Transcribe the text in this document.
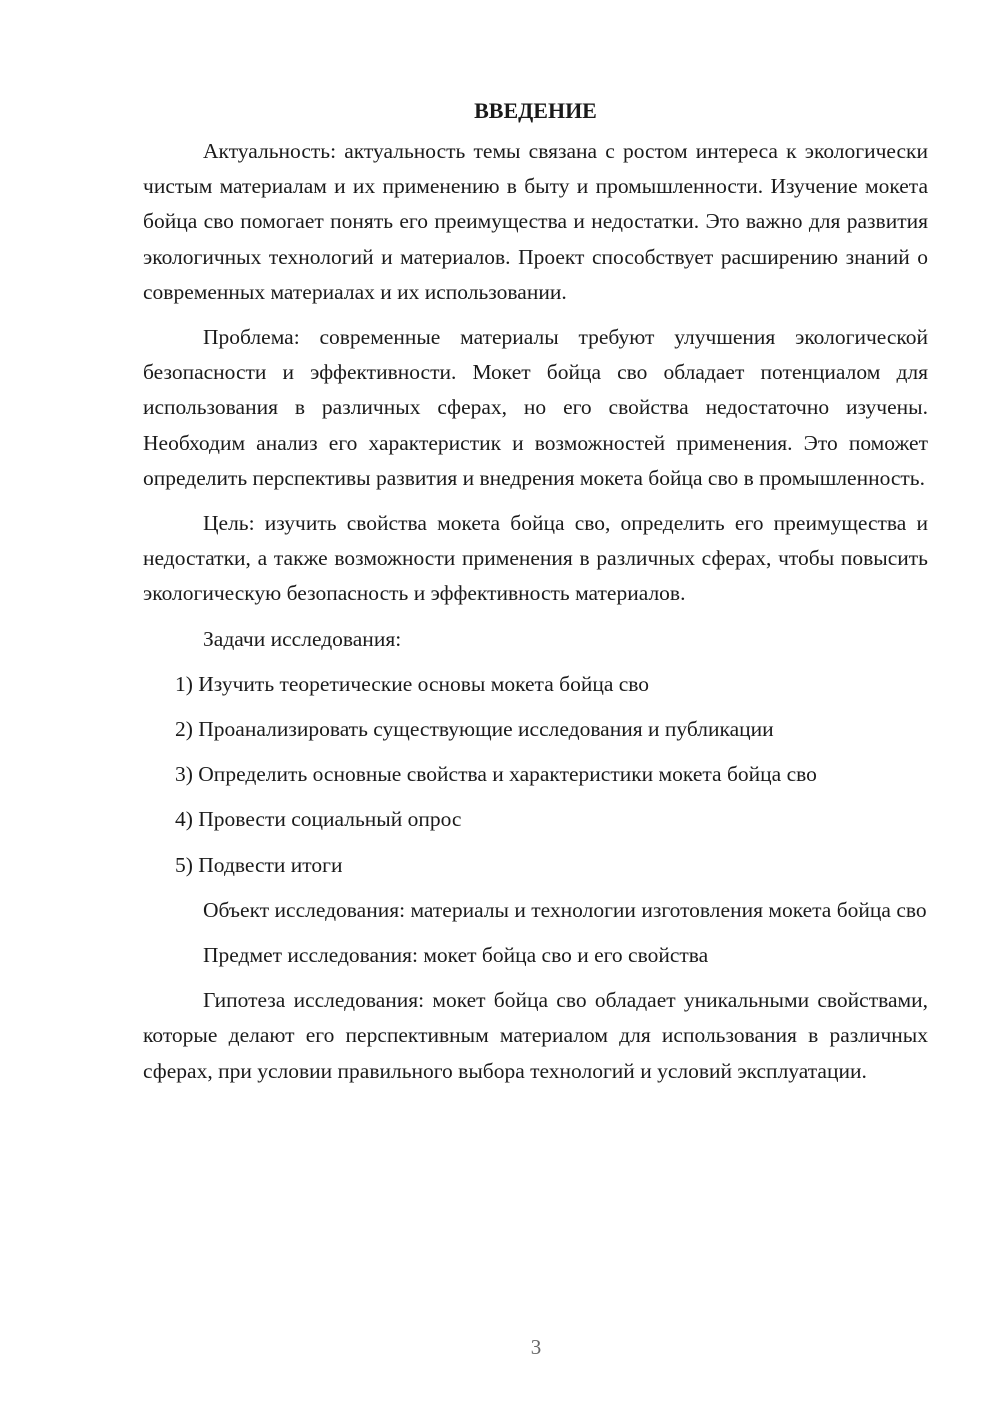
ВВЕДЕНИЕ

Актуальность: актуальность темы связана с ростом интереса к экологически чистым материалам и их применению в быту и промышленности. Изучение мокета бойца сво помогает понять его преимущества и недостатки. Это важно для развития экологичных технологий и материалов. Проект способствует расширению знаний о современных материалах и их использовании.

Проблема: современные материалы требуют улучшения экологической безопасности и эффективности. Мокет бойца сво обладает потенциалом для использования в различных сферах, но его свойства недостаточно изучены. Необходим анализ его характеристик и возможностей применения. Это поможет определить перспективы развития и внедрения мокета бойца сво в промышленность.

Цель: изучить свойства мокета бойца сво, определить его преимущества и недостатки, а также возможности применения в различных сферах, чтобы повысить экологическую безопасность и эффективность материалов.

Задачи исследования:

1) Изучить теоретические основы мокета бойца сво
2) Проанализировать существующие исследования и публикации
3) Определить основные свойства и характеристики мокета бойца сво
4) Провести социальный опрос
5) Подвести итоги

Объект исследования: материалы и технологии изготовления мокета бойца сво

Предмет исследования: мокет бойца сво и его свойства

Гипотеза исследования: мокет бойца сво обладает уникальными свойствами, которые делают его перспективным материалом для использования в различных сферах, при условии правильного выбора технологий и условий эксплуатации.

3
